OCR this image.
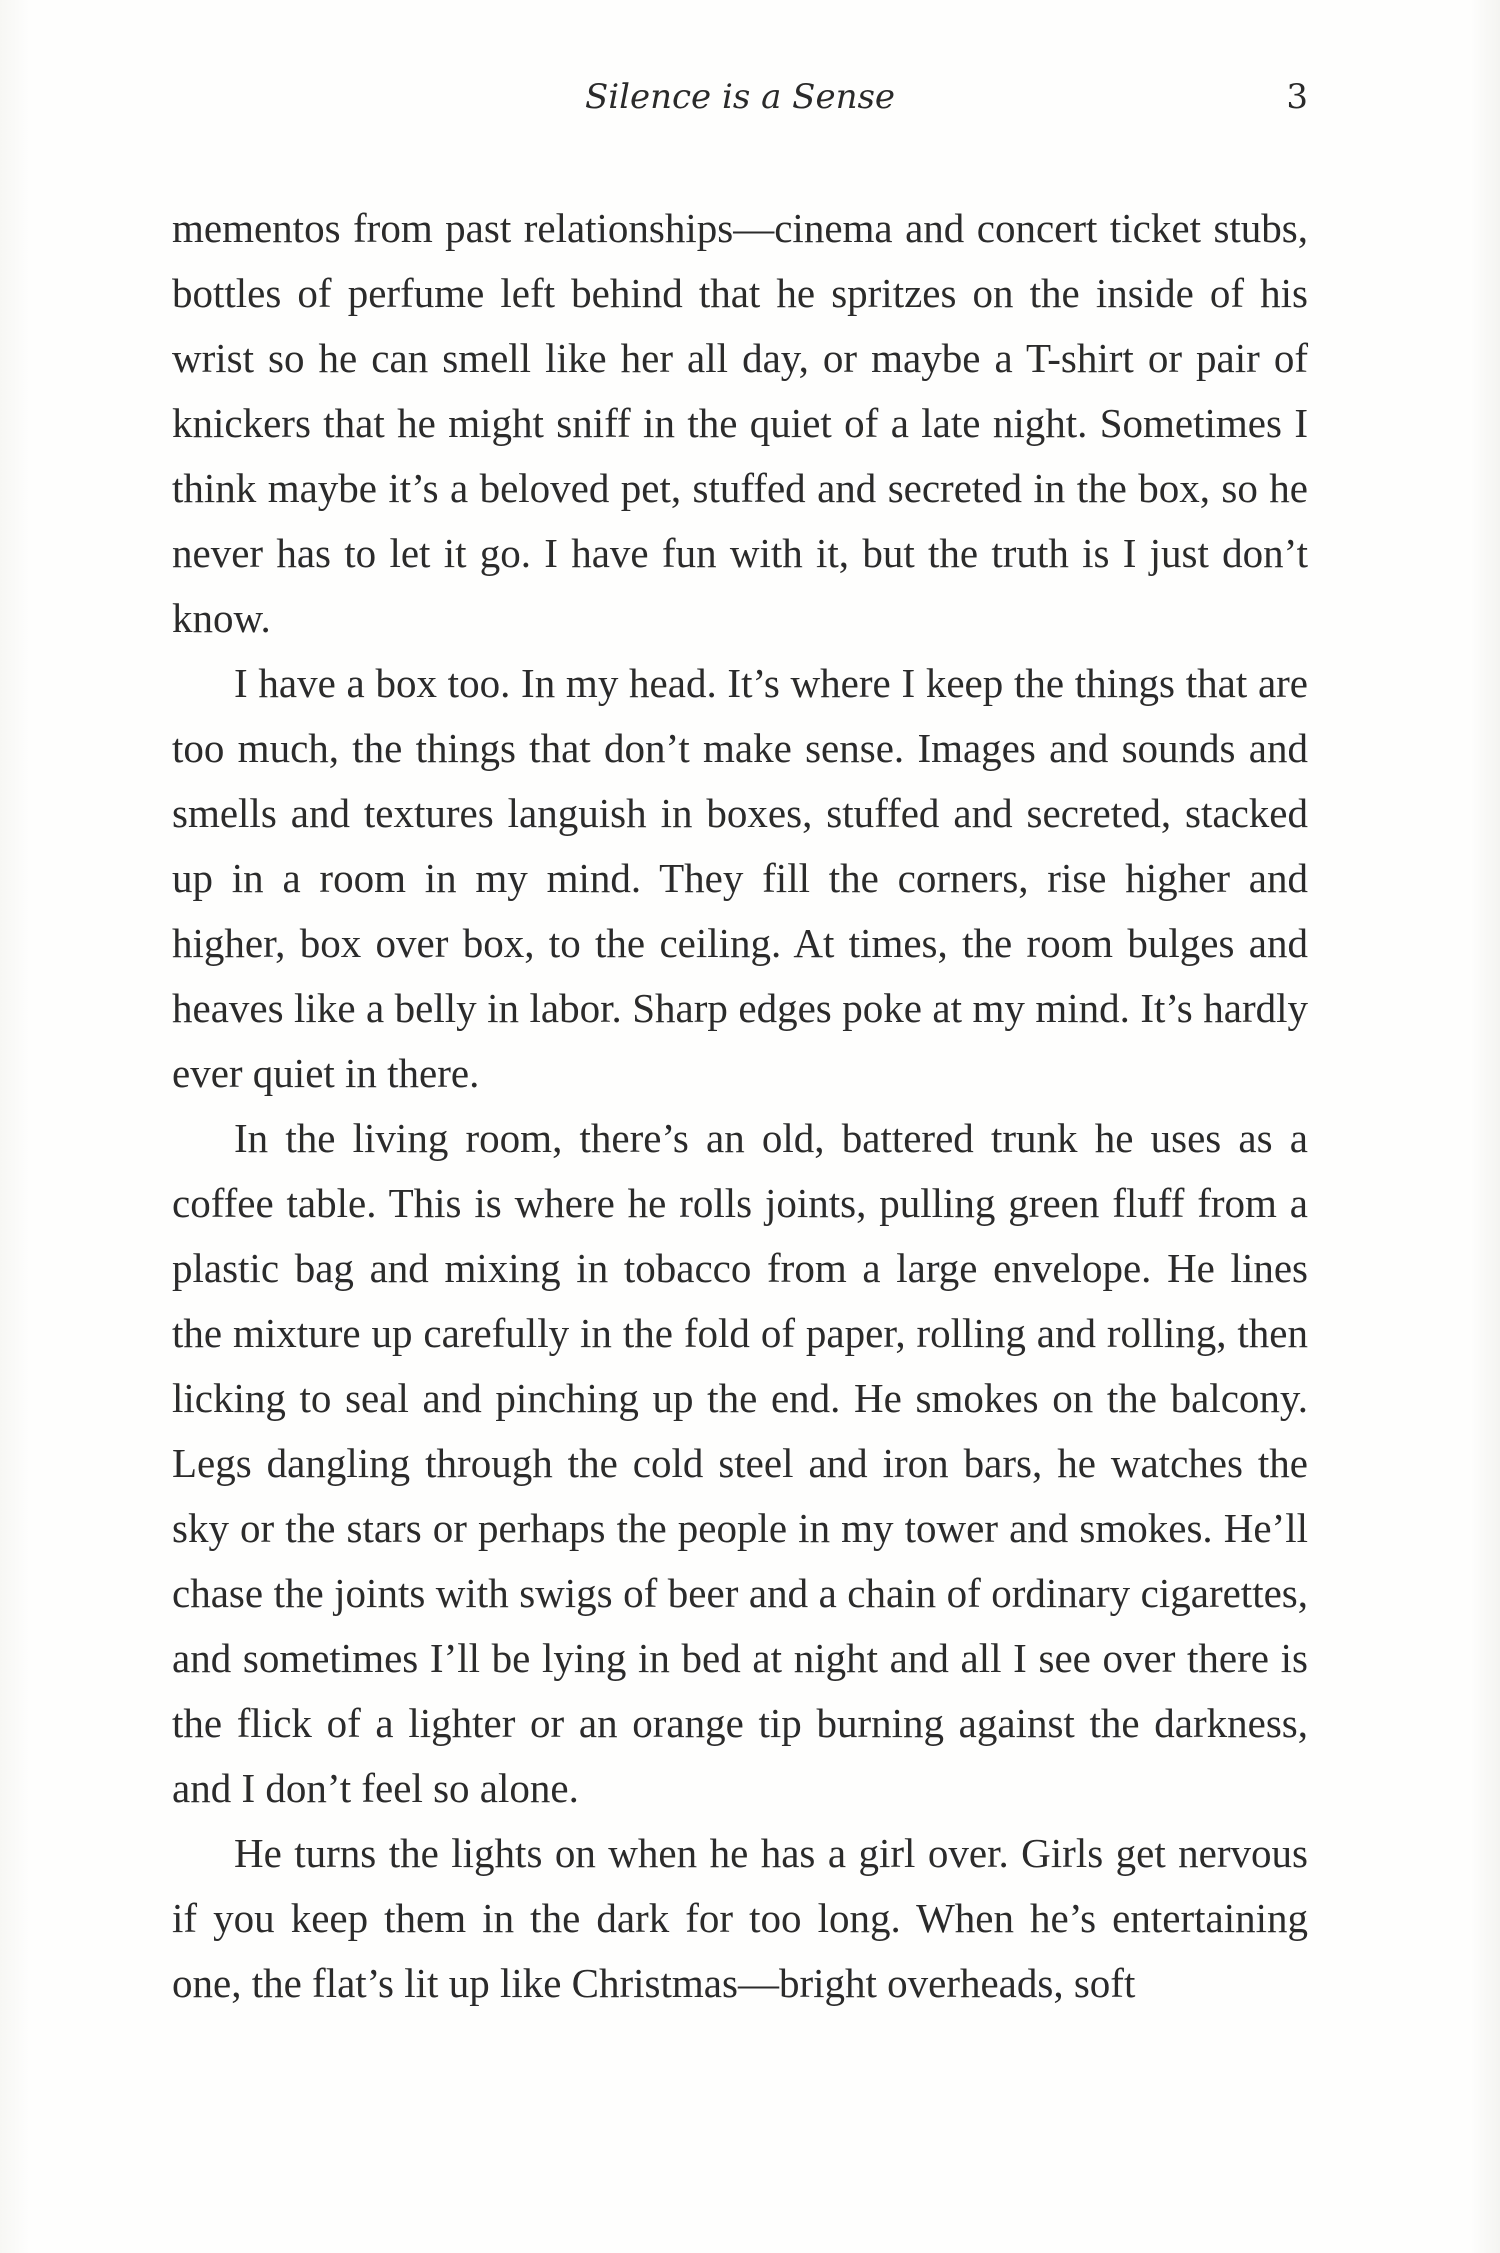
Silence is a Sense	3

mementos from past relationships—cinema and concert ticket stubs, bottles of perfume left behind that he spritzes on the inside of his wrist so he can smell like her all day, or maybe a T-shirt or pair of knickers that he might sniff in the quiet of a late night. Sometimes I think maybe it’s a beloved pet, stuffed and secreted in the box, so he never has to let it go. I have fun with it, but the truth is I just don’t know.

I have a box too. In my head. It’s where I keep the things that are too much, the things that don’t make sense. Images and sounds and smells and textures languish in boxes, stuffed and secreted, stacked up in a room in my mind. They fill the corners, rise higher and higher, box over box, to the ceiling. At times, the room bulges and heaves like a belly in labor. Sharp edges poke at my mind. It’s hardly ever quiet in there.

In the living room, there’s an old, battered trunk he uses as a coffee table. This is where he rolls joints, pulling green fluff from a plastic bag and mixing in tobacco from a large envelope. He lines the mixture up carefully in the fold of paper, rolling and rolling, then licking to seal and pinching up the end. He smokes on the balcony. Legs dangling through the cold steel and iron bars, he watches the sky or the stars or perhaps the people in my tower and smokes. He’ll chase the joints with swigs of beer and a chain of ordinary cigarettes, and sometimes I’ll be lying in bed at night and all I see over there is the flick of a lighter or an orange tip burning against the darkness, and I don’t feel so alone.

He turns the lights on when he has a girl over. Girls get nervous if you keep them in the dark for too long. When he’s entertaining one, the flat’s lit up like Christmas—bright overheads, soft
